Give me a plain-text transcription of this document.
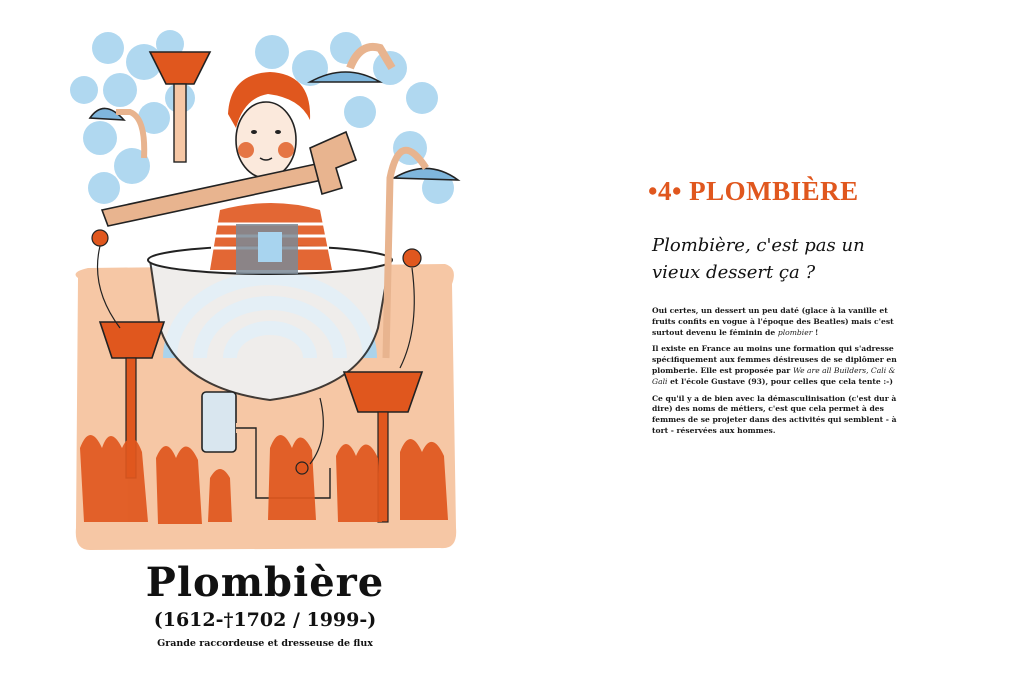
Plombière
(1612-†1702 / 1999-)
Grande raccordeuse et dresseuse de flux
•4• PLOMBIÈRE

Plombière, c'est pas un
vieux dessert ça ?

Oui certes, un dessert un peu daté (glace à la vanille et fruits confits en vogue à l'époque des Beatles) mais c'est surtout devenu le féminin de plombier !

Il existe en France au moins une formation qui s'adresse spécifiquement aux femmes désireuses de se diplômer en plomberie. Elle est proposée par We are all Builders, Cali & Gali et l'école Gustave (93), pour celles que cela tente :-)

Ce qu'il y a de bien avec la démasculinisation (c'est dur à dire) des noms de métiers, c'est que cela permet à des femmes de se projeter dans des activités qui semblent - à tort - réservées aux hommes.
